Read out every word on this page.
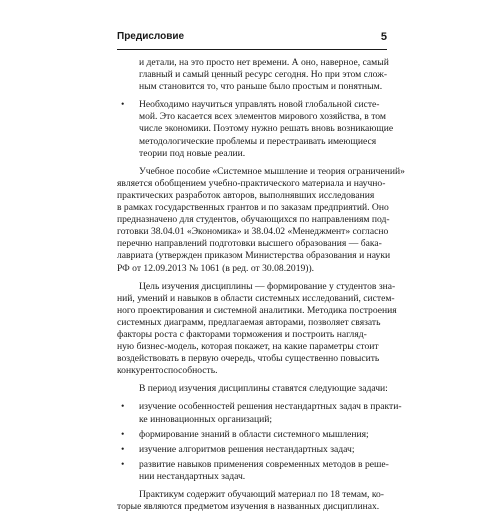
Предисловие	5
и детали, на это просто нет времени. А оно, наверное, самый
главный и самый ценный ресурс сегодня. Но при этом слож-
ным становится то, что раньше было простым и понятным.
• Необходимо научиться управлять новой глобальной систе-
мой. Это касается всех элементов мирового хозяйства, в том
числе экономики. Поэтому нужно решать вновь возникающие
методологические проблемы и перестраивать имеющиеся
теории под новые реалии.
Учебное пособие «Системное мышление и теория ограничений»
является обобщением учебно-практического материала и научно-
практических разработок авторов, выполнявших исследования
в рамках государственных грантов и по заказам предприятий. Оно
предназначено для студентов, обучающихся по направлениям под-
готовки 38.04.01 «Экономика» и 38.04.02 «Менеджмент» согласно
перечню направлений подготовки высшего образования — бака-
лавриата (утвержден приказом Министерства образования и науки
РФ от 12.09.2013 № 1061 (в ред. от 30.08.2019)).
Цель изучения дисциплины — формирование у студентов зна-
ний, умений и навыков в области системных исследований, систем-
ного проектирования и системной аналитики. Методика построения
системных диаграмм, предлагаемая авторами, позволяет связать
факторы роста с факторами торможения и построить нагляд-
ную бизнес-модель, которая покажет, на какие параметры стоит
воздействовать в первую очередь, чтобы существенно повысить
конкурентоспособность.
В период изучения дисциплины ставятся следующие задачи:
• изучение особенностей решения нестандартных задач в практи-
ке инновационных организаций;
• формирование знаний в области системного мышления;
• изучение алгоритмов решения нестандартных задач;
• развитие навыков применения современных методов в реше-
нии нестандартных задач.
Практикум содержит обучающий материал по 18 темам, ко-
торые являются предметом изучения в названных дисциплинах.
